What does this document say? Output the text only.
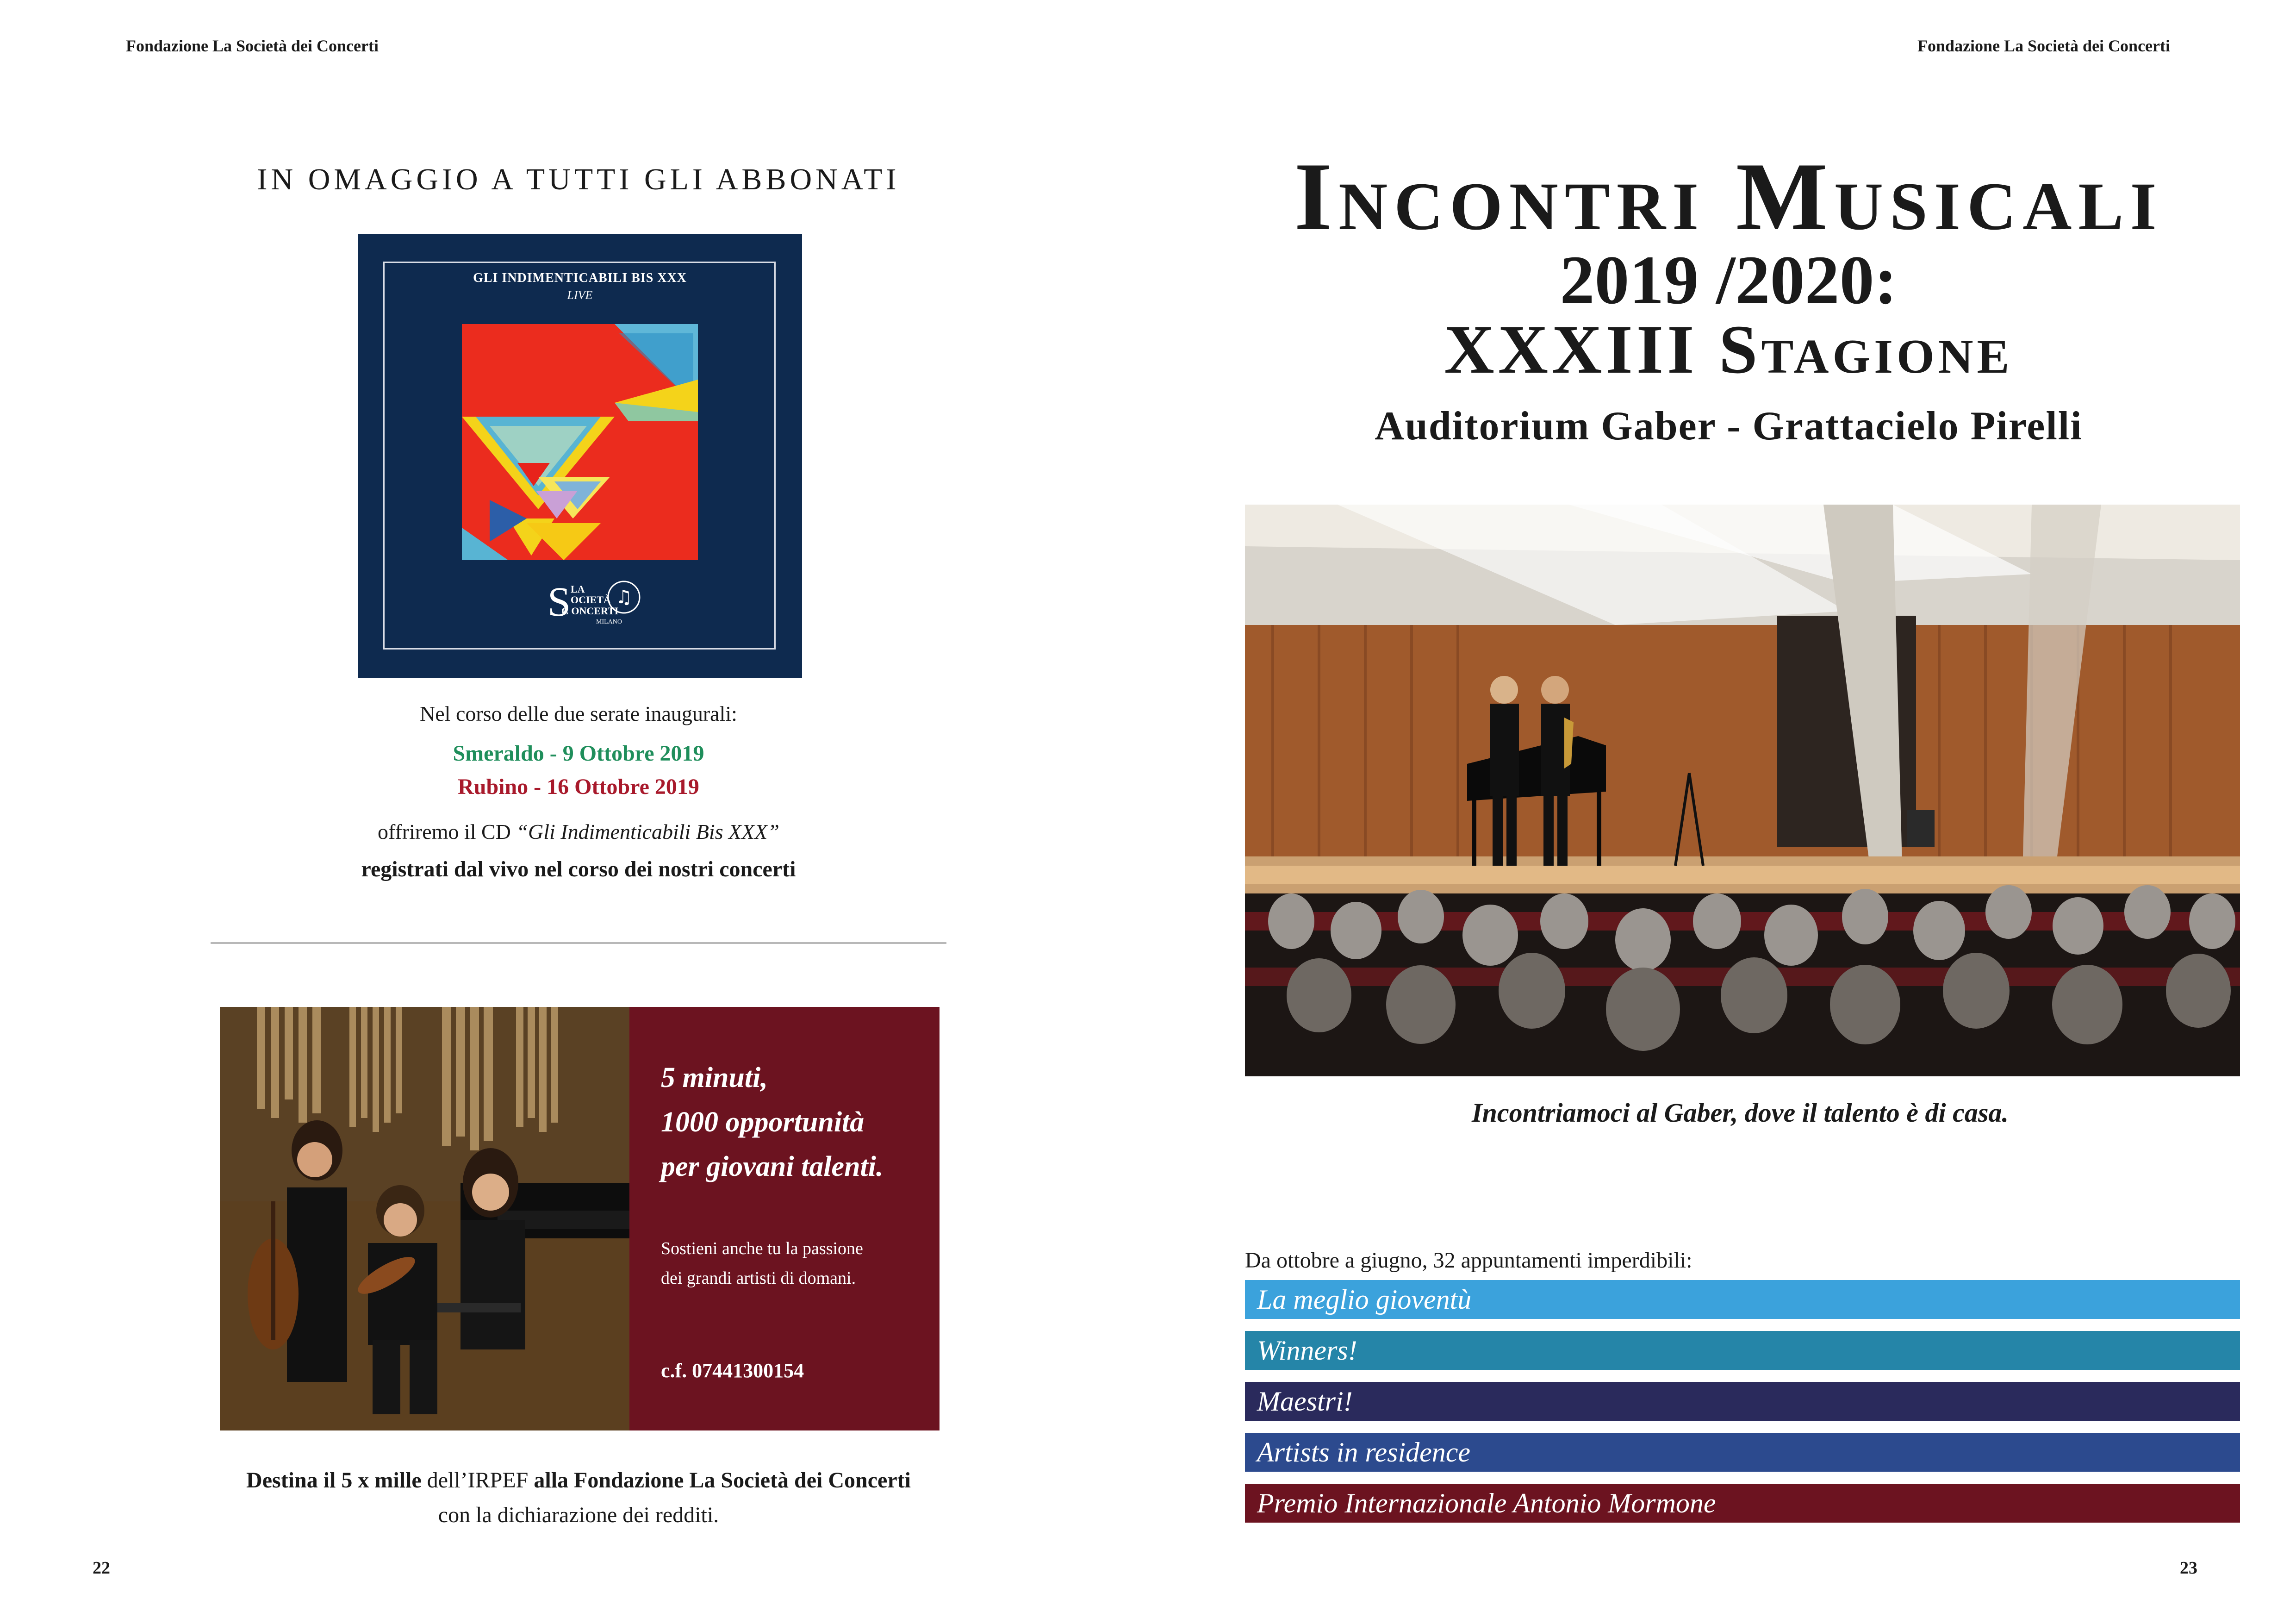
Fondazione La Società dei Concerti	Fondazione La Società dei Concerti
IN OMAGGIO A TUTTI GLI ABBONATI
GLI INDIMENTICABILI BIS XXX
LIVE
♫
S LA
OCIETÀ
C ONCERTI
MILANO
Nel corso delle due serate inaugurali:
Smeraldo - 9 Ottobre 2019
Rubino - 16 Ottobre 2019
offriremo il CD “Gli Indimenticabili Bis XXX”
registrati dal vivo nel corso dei nostri concerti
5 minuti,
1000 opportunità
per giovani talenti.
Sostieni anche tu la passione
dei grandi artisti di domani.
c.f. 07441300154
Destina il 5 x mille dell’IRPEF alla Fondazione La Società dei Concerti
con la dichiarazione dei redditi.
22
Incontri Musicali
2019 /2020:
XXXIII Stagione
Auditorium Gaber - Grattacielo Pirelli
Incontriamoci al Gaber, dove il talento è di casa.
Da ottobre a giugno, 32 appuntamenti imperdibili:
La meglio gioventù
Winners!
Maestri!
Artists in residence
Premio Internazionale Antonio Mormone
23
